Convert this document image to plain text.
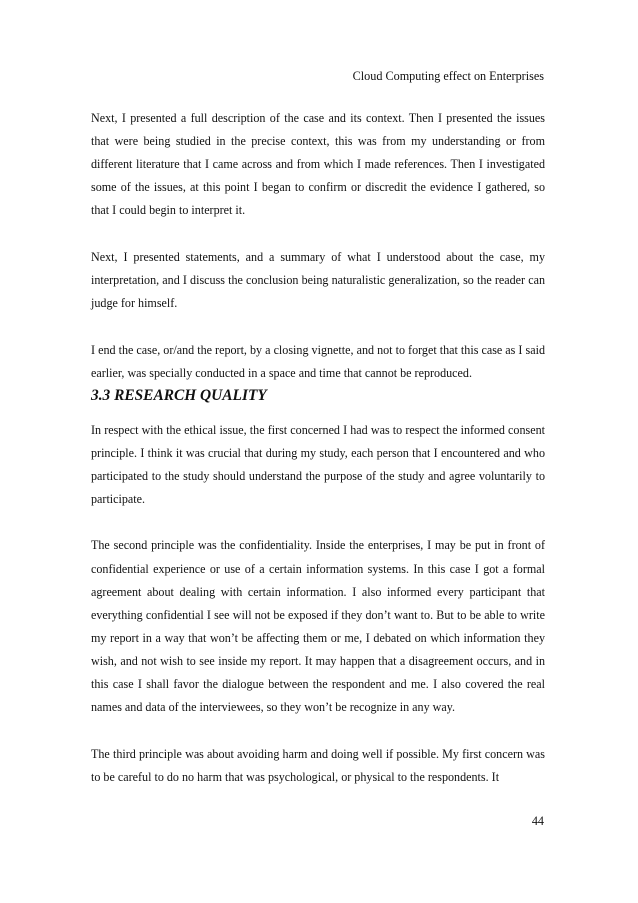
Cloud Computing effect on Enterprises

Next, I presented a full description of the case and its context. Then I presented the issues that were being studied in the precise context, this was from my understanding or from different literature that I came across and from which I made references. Then I investigated some of the issues, at this point I began to confirm or discredit the evidence I gathered, so that I could begin to interpret it.

Next, I presented statements, and a summary of what I understood about the case, my interpretation, and I discuss the conclusion being naturalistic generalization, so the reader can judge for himself.

I end the case, or/and the report, by a closing vignette, and not to forget that this case as I said earlier, was specially conducted in a space and time that cannot be reproduced.

3.3 RESEARCH QUALITY

In respect with the ethical issue, the first concerned I had was to respect the informed consent principle. I think it was crucial that during my study, each person that I encountered and who participated to the study should understand the purpose of the study and agree voluntarily to participate.

The second principle was the confidentiality. Inside the enterprises, I may be put in front of confidential experience or use of a certain information systems. In this case I got a formal agreement about dealing with certain information. I also informed every participant that everything confidential I see will not be exposed if they don’t want to. But to be able to write my report in a way that won’t be affecting them or me, I debated on which information they wish, and not wish to see inside my report. It may happen that a disagreement occurs, and in this case I shall favor the dialogue between the respondent and me. I also covered the real names and data of the interviewees, so they won’t be recognize in any way.

The third principle was about avoiding harm and doing well if possible. My first concern was to be careful to do no harm that was psychological, or physical to the respondents. It

44
